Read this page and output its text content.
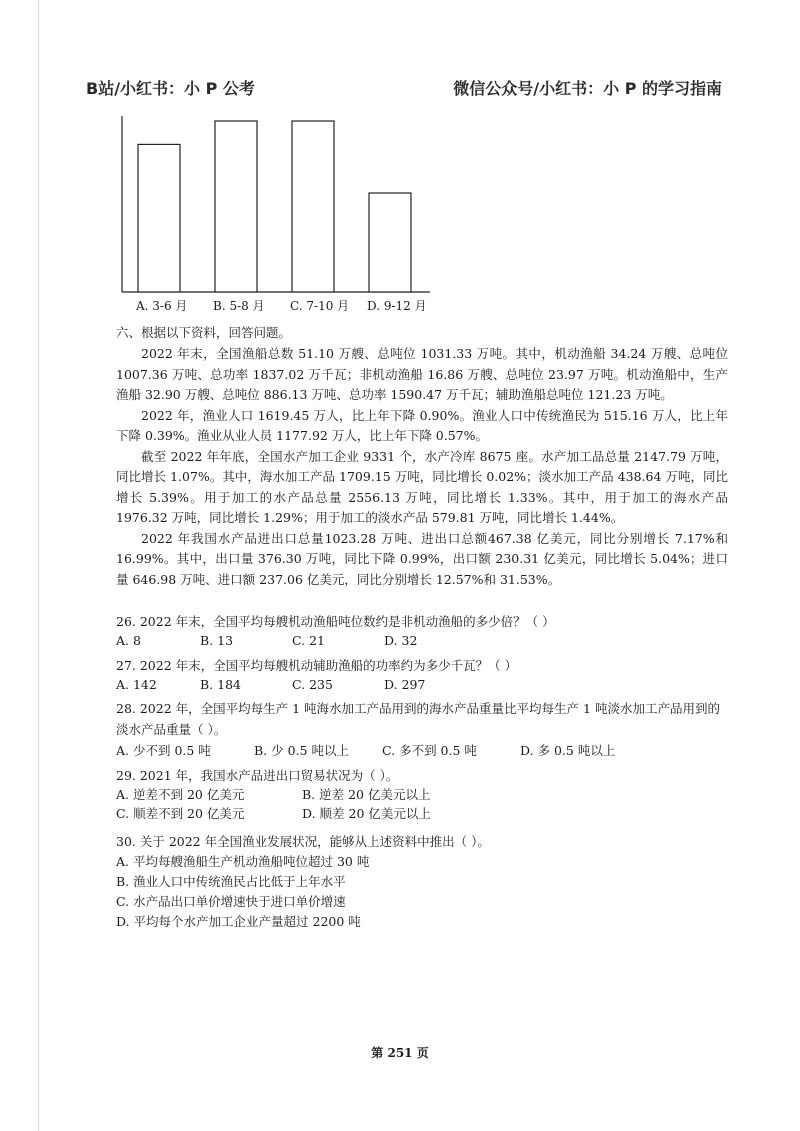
B站/小红书：小 P 公考	微信公众号/小红书：小 P 的学习指南
A. 3-6 月 B. 5-8 月 C. 7-10 月 D. 9-12 月
六、根据以下资料，回答问题。

2022 年末，全国渔船总数 51.10 万艘、总吨位 1031.33 万吨。其中，机动渔船 34.24 万艘、总吨位 1007.36 万吨、总功率 1837.02 万千瓦；非机动渔船 16.86 万艘、总吨位 23.97 万吨。机动渔船中，生产渔船 32.90 万艘、总吨位 886.13 万吨、总功率 1590.47 万千瓦；辅助渔船总吨位 121.23 万吨。

2022 年，渔业人口 1619.45 万人，比上年下降 0.90%。渔业人口中传统渔民为 515.16 万人，比上年下降 0.39%。渔业从业人员 1177.92 万人，比上年下降 0.57%。

截至 2022 年年底，全国水产加工企业 9331 个，水产冷库 8675 座。水产加工品总量 2147.79 万吨，同比增长 1.07%。其中，海水加工产品 1709.15 万吨，同比增长 0.02%；淡水加工产品 438.64 万吨，同比增长 5.39%。用于加工的水产品总量 2556.13 万吨，同比增长 1.33%。其中，用于加工的海水产品 1976.32 万吨，同比增长 1.29%；用于加工的淡水产品 579.81 万吨，同比增长 1.44%。

2022 年我国水产品进出口总量1023.28 万吨、进出口总额467.38 亿美元，同比分别增长 7.17%和 16.99%。其中，出口量 376.30 万吨，同比下降 0.99%，出口额 230.31 亿美元，同比增长 5.04%；进口量 646.98 万吨、进口额 237.06 亿美元，同比分别增长 12.57%和 31.53%。

26. 2022 年末，全国平均每艘机动渔船吨位数约是非机动渔船的多少倍？（ ）

A. 8	B. 13	C. 21	D. 32

27. 2022 年末，全国平均每艘机动辅助渔船的功率约为多少千瓦？（ ）

A. 142	B. 184	C. 235	D. 297

28. 2022 年，全国平均每生产 1 吨海水加工产品用到的海水产品重量比平均每生产 1 吨淡水加工产品用到的淡水产品重量（ ）。

A. 少不到 0.5 吨	B. 少 0.5 吨以上	C. 多不到 0.5 吨	D. 多 0.5 吨以上

29. 2021 年，我国水产品进出口贸易状况为（ ）。

A. 逆差不到 20 亿美元	B. 逆差 20 亿美元以上
C. 顺差不到 20 亿美元	D. 顺差 20 亿美元以上

30. 关于 2022 年全国渔业发展状况，能够从上述资料中推出（ ）。

A. 平均每艘渔船生产机动渔船吨位超过 30 吨
B. 渔业人口中传统渔民占比低于上年水平
C. 水产品出口单价增速快于进口单价增速
D. 平均每个水产加工企业产量超过 2200 吨
第 251 页
